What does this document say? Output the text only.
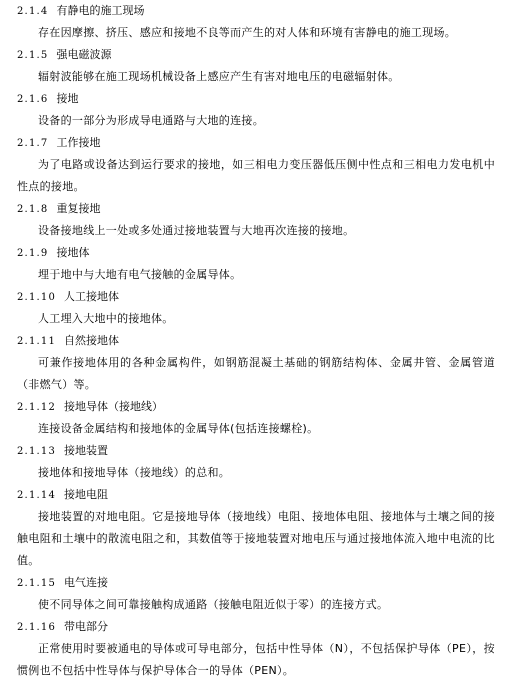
2.1.4 有静电的施工现场

存在因摩擦、挤压、感应和接地不良等而产生的对人体和环境有害静电的施工现场。

2.1.5 强电磁波源

辐射波能够在施工现场机械设备上感应产生有害对地电压的电磁辐射体。

2.1.6 接地

设备的一部分为形成导电通路与大地的连接。

2.1.7 工作接地

为了电路或设备达到运行要求的接地，如三相电力变压器低压侧中性点和三相电力发电机中性点的接地。

2.1.8 重复接地

设备接地线上一处或多处通过接地装置与大地再次连接的接地。

2.1.9 接地体

埋于地中与大地有电气接触的金属导体。

2.1.10 人工接地体

人工埋入大地中的接地体。

2.1.11 自然接地体

可兼作接地体用的各种金属构件，如钢筋混凝土基础的钢筋结构体、金属井管、金属管道（非燃气）等。

2.1.12 接地导体（接地线）

连接设备金属结构和接地体的金属导体(包括连接螺栓)。

2.1.13 接地装置

接地体和接地导体（接地线）的总和。

2.1.14 接地电阻

接地装置的对地电阻。它是接地导体（接地线）电阻、接地体电阻、接地体与土壤之间的接触电阻和土壤中的散流电阻之和，其数值等于接地装置对地电压与通过接地体流入地中电流的比值。

2.1.15 电气连接

使不同导体之间可靠接触构成通路（接触电阻近似于零）的连接方式。

2.1.16 带电部分

正常使用时要被通电的导体或可导电部分，包括中性导体（N），不包括保护导体（PE），按惯例也不包括中性导体与保护导体合一的导体（PEN）。
